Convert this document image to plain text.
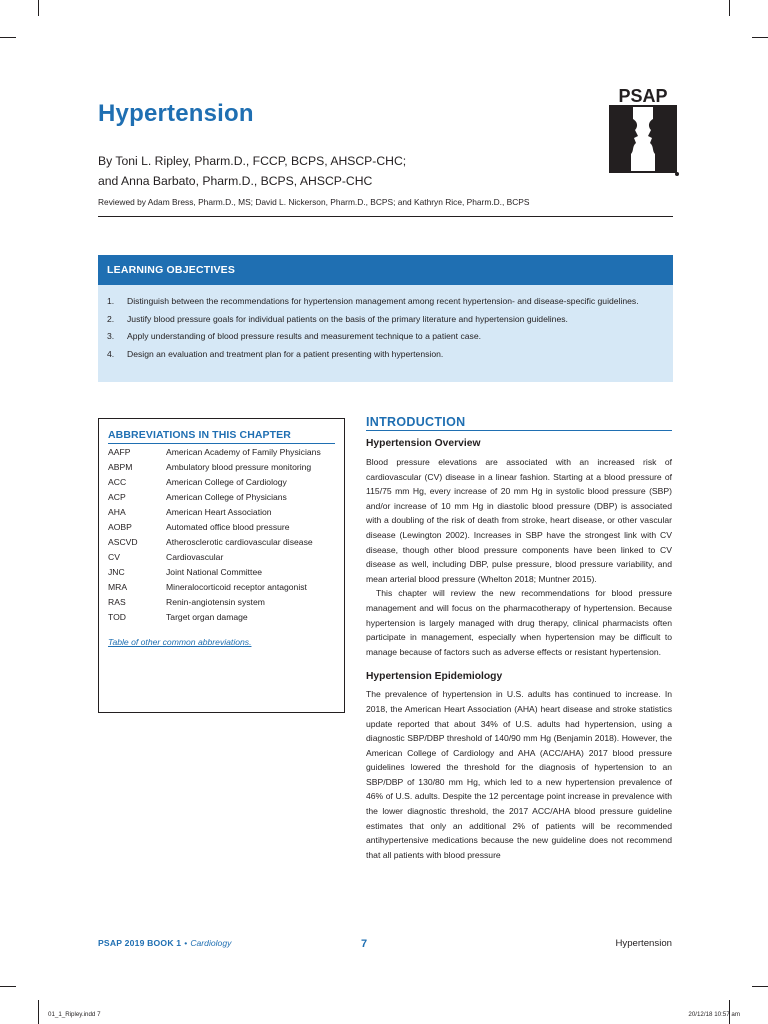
Hypertension
PSAP
By Toni L. Ripley, Pharm.D., FCCP, BCPS, AHSCP-CHC;
and Anna Barbato, Pharm.D., BCPS, AHSCP-CHC
Reviewed by Adam Bress, Pharm.D., MS; David L. Nickerson, Pharm.D., BCPS; and Kathryn Rice, Pharm.D., BCPS
LEARNING OBJECTIVES
1.	Distinguish between the recommendations for hypertension management among recent hypertension- and disease-specific guidelines.
2.	Justify blood pressure goals for individual patients on the basis of the primary literature and hypertension guidelines.
3.	Apply understanding of blood pressure results and measurement technique to a patient case.
4.	Design an evaluation and treatment plan for a patient presenting with hypertension.
ABBREVIATIONS IN THIS CHAPTER
AAFP	American Academy of Family Physicians
ABPM	Ambulatory blood pressure monitoring
ACC	American College of Cardiology
ACP	American College of Physicians
AHA	American Heart Association
AOBP	Automated office blood pressure
ASCVD	Atherosclerotic cardiovascular disease
CV	Cardiovascular
JNC	Joint National Committee
MRA	Mineralocorticoid receptor antagonist
RAS	Renin-angiotensin system
TOD	Target organ damage
Table of other common abbreviations.
INTRODUCTION
Hypertension Overview

Blood pressure elevations are associated with an increased risk of cardiovascular (CV) disease in a linear fashion. Starting at a blood pressure of 115/75 mm Hg, every increase of 20 mm Hg in systolic blood pressure (SBP) and/or increase of 10 mm Hg in diastolic blood pressure (DBP) is associated with a doubling of the risk of death from stroke, heart disease, or other vascular disease (Lewington 2002). Increases in SBP have the strongest link with CV disease, though other blood pressure components have been linked to CV disease as well, including DBP, pulse pressure, blood pressure variability, and mean arterial blood pressure (Whelton 2018; Muntner 2015).

This chapter will review the new recommendations for blood pressure management and will focus on the pharmacotherapy of hypertension. Because hypertension is largely managed with drug therapy, clinical pharmacists often participate in management, especially when hypertension may be difficult to manage because of factors such as adverse effects or resistant hypertension.

Hypertension Epidemiology

The prevalence of hypertension in U.S. adults has continued to increase. In 2018, the American Heart Association (AHA) heart disease and stroke statistics update reported that about 34% of U.S. adults had hypertension, using a diagnostic SBP/DBP threshold of 140/90 mm Hg (Benjamin 2018). However, the American College of Cardiology and AHA (ACC/AHA) 2017 blood pressure guidelines lowered the threshold for the diagnosis of hypertension to an SBP/DBP of 130/80 mm Hg, which led to a new hypertension prevalence of 46% of U.S. adults. Despite the 12 percentage point increase in prevalence with the lower diagnostic threshold, the 2017 ACC/AHA blood pressure guideline estimates that only an additional 2% of patients will be recommended antihypertensive medications because the new guideline does not recommend that all patients with blood pressure

PSAP 2019 BOOK 1 • Cardiology	7	Hypertension
01_1_Ripley.indd 7	20/12/18 10:57 am
